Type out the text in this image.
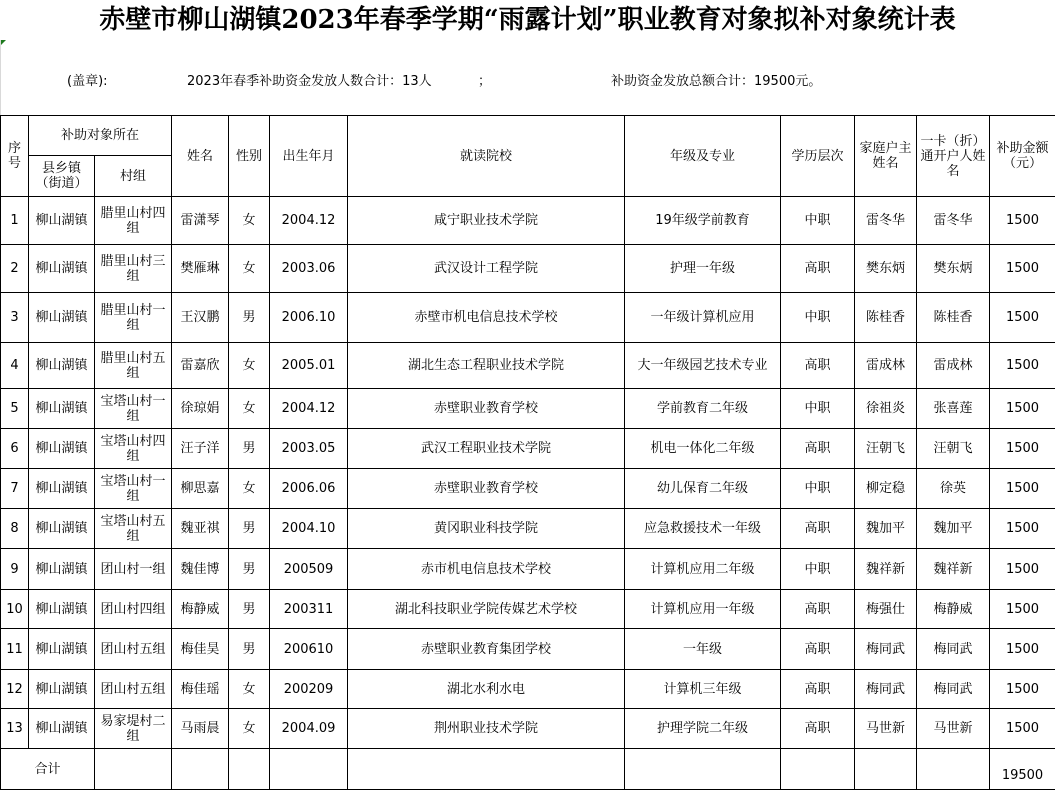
赤壁市柳山湖镇2023年春季学期“雨露计划”职业教育对象拟补对象统计表
(盖章):	2023年春季补助资金发放人数合计：13人	；	补助资金发放总额合计：19500元。
序号	补助对象所在		姓名	性别	出生年月	就读院校	年级及专业	学历层次	家庭户主姓名	一卡（折）通开户人姓名	补助金额（元）
	县乡镇（街道）	村组									
1	柳山湖镇	腊里山村四组	雷潇琴	女	2004.12	咸宁职业技术学院	19年级学前教育	中职	雷冬华	雷冬华	1500
2	柳山湖镇	腊里山村三组	樊雁琳	女	2003.06	武汉设计工程学院	护理一年级	高职	樊东炳	樊东炳	1500
3	柳山湖镇	腊里山村一组	王汉鹏	男	2006.10	赤壁市机电信息技术学校	一年级计算机应用	中职	陈桂香	陈桂香	1500
4	柳山湖镇	腊里山村五组	雷嘉欣	女	2005.01	湖北生态工程职业技术学院	大一年级园艺技术专业	高职	雷成林	雷成林	1500
5	柳山湖镇	宝塔山村一组	徐琼娟	女	2004.12	赤壁职业教育学校	学前教育二年级	中职	徐祖炎	张喜莲	1500
6	柳山湖镇	宝塔山村四组	汪子洋	男	2003.05	武汉工程职业技术学院	机电一体化二年级	高职	汪朝飞	汪朝飞	1500
7	柳山湖镇	宝塔山村一组	柳思嘉	女	2006.06	赤壁职业教育学校	幼儿保育二年级	中职	柳定稳	徐英	1500
8	柳山湖镇	宝塔山村五组	魏亚祺	男	2004.10	黄冈职业科技学院	应急救援技术一年级	高职	魏加平	魏加平	1500
9	柳山湖镇	团山村一组	魏佳博	男	200509	赤市机电信息技术学校	计算机应用二年级	中职	魏祥新	魏祥新	1500
10	柳山湖镇	团山村四组	梅静威	男	200311	湖北科技职业学院传媒艺术学校	计算机应用一年级	高职	梅强仕	梅静威	1500
11	柳山湖镇	团山村五组	梅佳昊	男	200610	赤壁职业教育集团学校	一年级	高职	梅同武	梅同武	1500
12	柳山湖镇	团山村五组	梅佳瑶	女	200209	湖北水利水电	计算机三年级	高职	梅同武	梅同武	1500
13	柳山湖镇	易家堤村二组	马雨晨	女	2004.09	荆州职业技术学院	护理学院二年级	高职	马世新	马世新	1500
合计											19500
